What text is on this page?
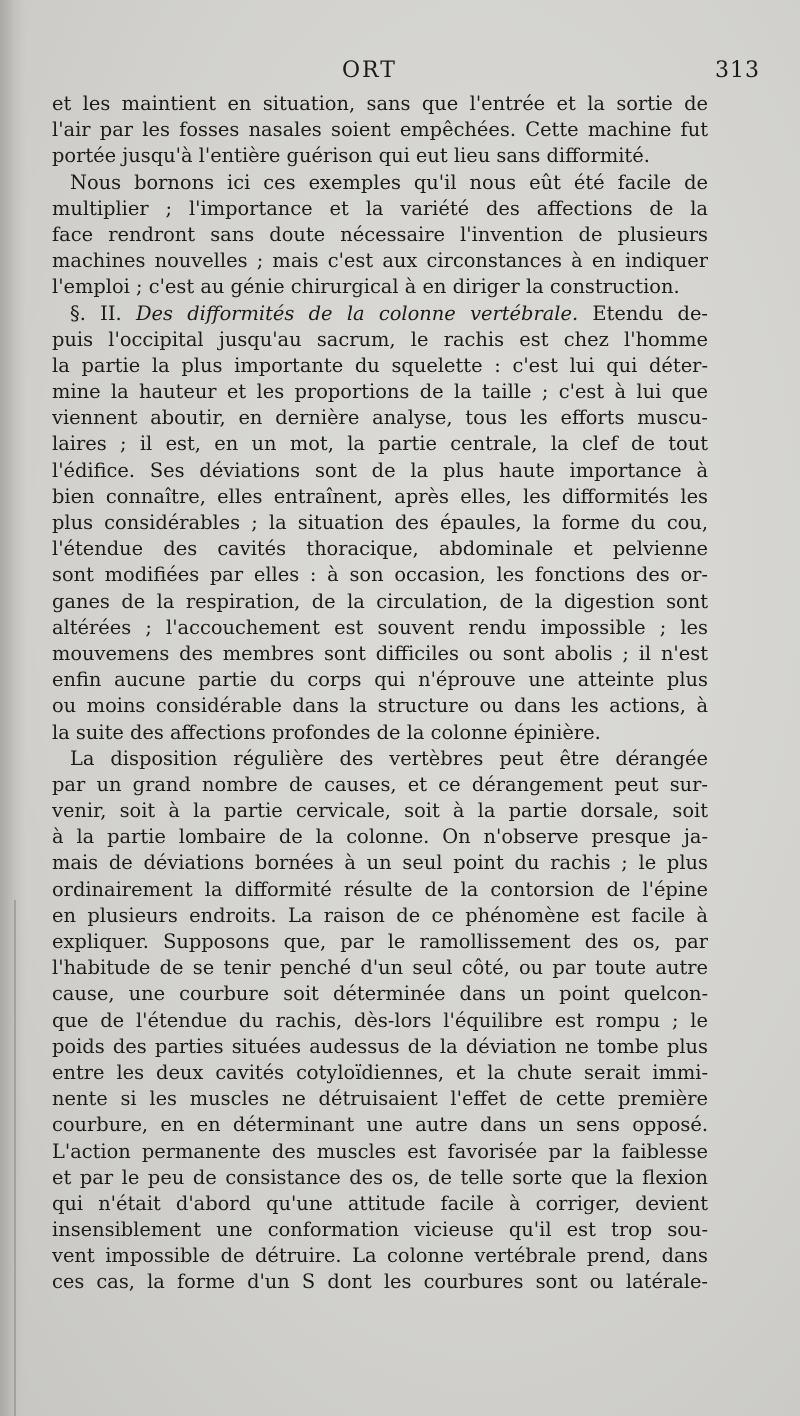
ORT	313
et les maintient en situation, sans que l'entrée et la sortie de
l'air par les fosses nasales soient empêchées. Cette machine fut
portée jusqu'à l'entière guérison qui eut lieu sans difformité.
Nous bornons ici ces exemples qu'il nous eût été facile de
multiplier ; l'importance et la variété des affections de la
face rendront sans doute nécessaire l'invention de plusieurs
machines nouvelles ; mais c'est aux circonstances à en indiquer
l'emploi ; c'est au génie chirurgical à en diriger la construction.
§. II. Des difformités de la colonne vertébrale. Etendu de-
puis l'occipital jusqu'au sacrum, le rachis est chez l'homme
la partie la plus importante du squelette : c'est lui qui déter-
mine la hauteur et les proportions de la taille ; c'est à lui que
viennent aboutir, en dernière analyse, tous les efforts muscu-
laires ; il est, en un mot, la partie centrale, la clef de tout
l'édifice. Ses déviations sont de la plus haute importance à
bien connaître, elles entraînent, après elles, les difformités les
plus considérables ; la situation des épaules, la forme du cou,
l'étendue des cavités thoracique, abdominale et pelvienne
sont modifiées par elles : à son occasion, les fonctions des or-
ganes de la respiration, de la circulation, de la digestion sont
altérées ; l'accouchement est souvent rendu impossible ; les
mouvemens des membres sont difficiles ou sont abolis ; il n'est
enfin aucune partie du corps qui n'éprouve une atteinte plus
ou moins considérable dans la structure ou dans les actions, à
la suite des affections profondes de la colonne épinière.
La disposition régulière des vertèbres peut être dérangée
par un grand nombre de causes, et ce dérangement peut sur-
venir, soit à la partie cervicale, soit à la partie dorsale, soit
à la partie lombaire de la colonne. On n'observe presque ja-
mais de déviations bornées à un seul point du rachis ; le plus
ordinairement la difformité résulte de la contorsion de l'épine
en plusieurs endroits. La raison de ce phénomène est facile à
expliquer. Supposons que, par le ramollissement des os, par
l'habitude de se tenir penché d'un seul côté, ou par toute autre
cause, une courbure soit déterminée dans un point quelcon-
que de l'étendue du rachis, dès-lors l'équilibre est rompu ; le
poids des parties situées audessus de la déviation ne tombe plus
entre les deux cavités cotyloïdiennes, et la chute serait immi-
nente si les muscles ne détruisaient l'effet de cette première
courbure, en en déterminant une autre dans un sens opposé.
L'action permanente des muscles est favorisée par la faiblesse
et par le peu de consistance des os, de telle sorte que la flexion
qui n'était d'abord qu'une attitude facile à corriger, devient
insensiblement une conformation vicieuse qu'il est trop sou-
vent impossible de détruire. La colonne vertébrale prend, dans
ces cas, la forme d'un S dont les courbures sont ou latérale-
